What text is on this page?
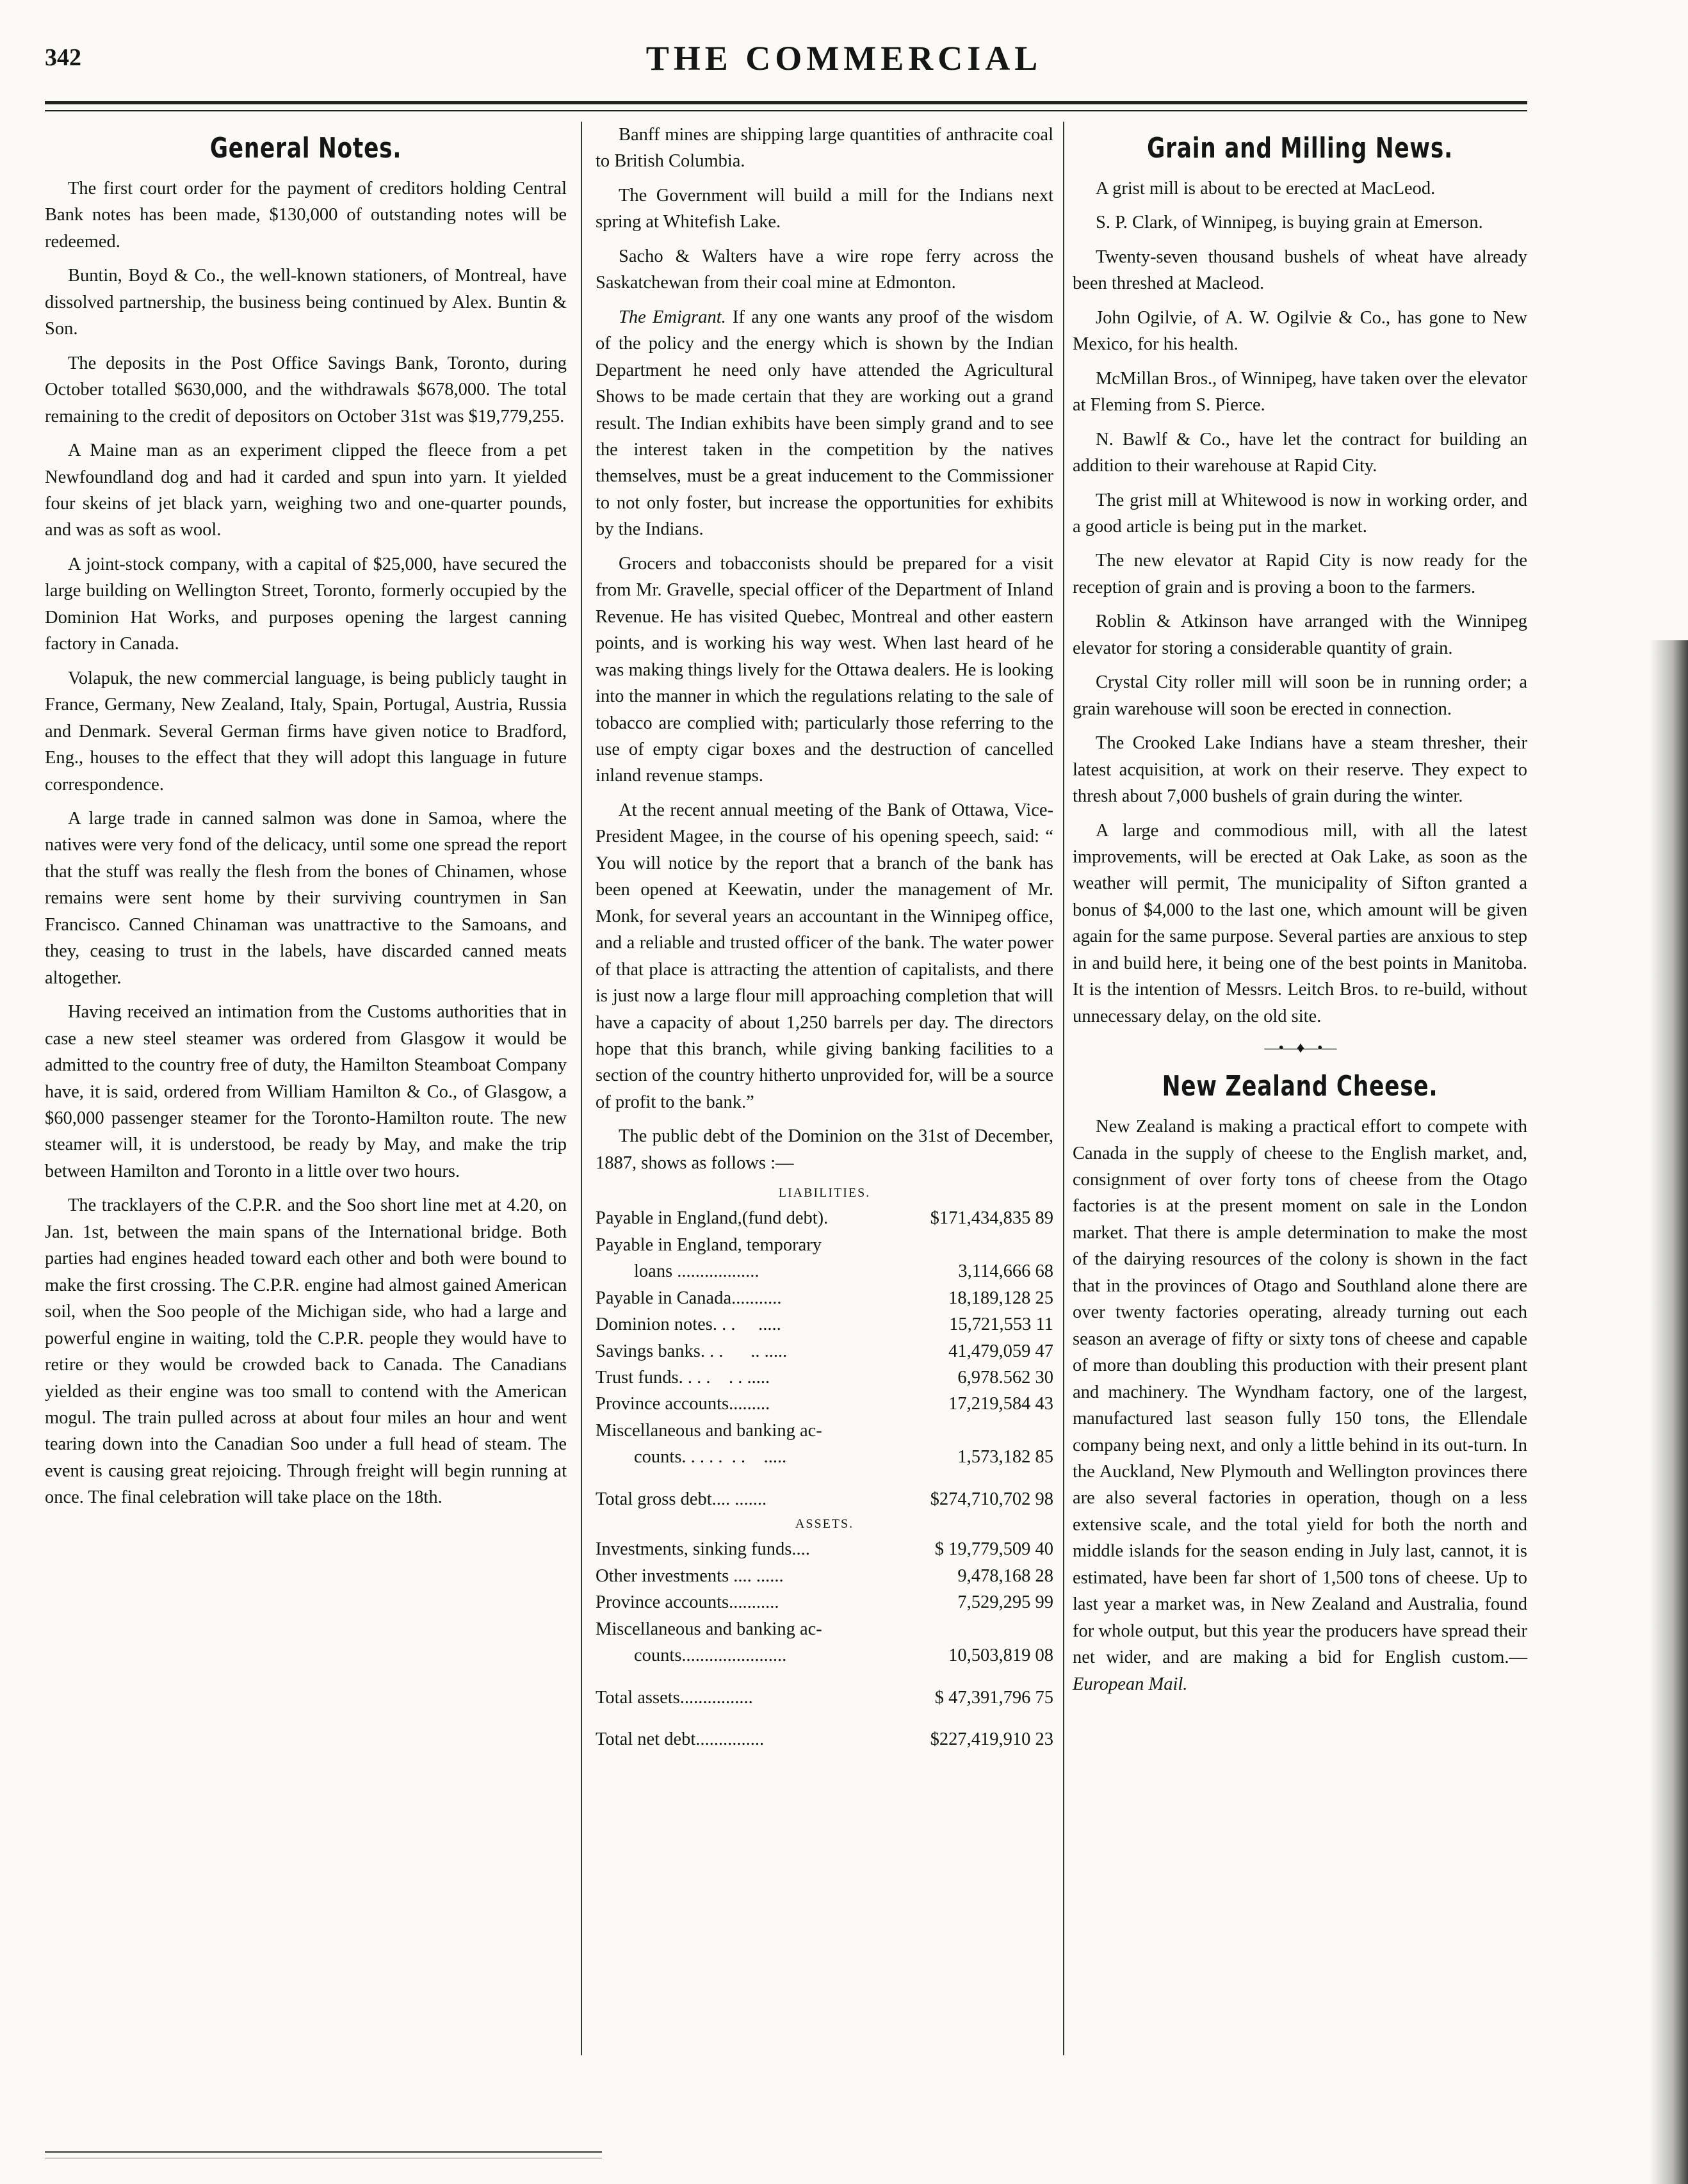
342	THE COMMERCIAL
General Notes.

The first court order for the payment of creditors holding Central Bank notes has been made, $130,000 of outstanding notes will be redeemed.

Buntin, Boyd & Co., the well-known stationers, of Montreal, have dissolved partnership, the business being continued by Alex. Buntin & Son.

The deposits in the Post Office Savings Bank, Toronto, during October totalled $630,000, and the withdrawals $678,000. The total remaining to the credit of depositors on October 31st was $19,779,255.

A Maine man as an experiment clipped the fleece from a pet Newfoundland dog and had it carded and spun into yarn. It yielded four skeins of jet black yarn, weighing two and one-quarter pounds, and was as soft as wool.

A joint-stock company, with a capital of $25,000, have secured the large building on Wellington Street, Toronto, formerly occupied by the Dominion Hat Works, and purposes opening the largest canning factory in Canada.

Volapuk, the new commercial language, is being publicly taught in France, Germany, New Zealand, Italy, Spain, Portugal, Austria, Russia and Denmark. Several German firms have given notice to Bradford, Eng., houses to the effect that they will adopt this language in future correspondence.

A large trade in canned salmon was done in Samoa, where the natives were very fond of the delicacy, until some one spread the report that the stuff was really the flesh from the bones of Chinamen, whose remains were sent home by their surviving countrymen in San Francisco. Canned Chinaman was unattractive to the Samoans, and they, ceasing to trust in the labels, have discarded canned meats altogether.

Having received an intimation from the Customs authorities that in case a new steel steamer was ordered from Glasgow it would be admitted to the country free of duty, the Hamilton Steamboat Company have, it is said, ordered from William Hamilton & Co., of Glasgow, a $60,000 passenger steamer for the Toronto-Hamilton route. The new steamer will, it is understood, be ready by May, and make the trip between Hamilton and Toronto in a little over two hours.

The tracklayers of the C.P.R. and the Soo short line met at 4.20, on Jan. 1st, between the main spans of the International bridge. Both parties had engines headed toward each other and both were bound to make the first crossing. The C.P.R. engine had almost gained American soil, when the Soo people of the Michigan side, who had a large and powerful engine in waiting, told the C.P.R. people they would have to retire or they would be crowded back to Canada. The Canadians yielded as their engine was too small to contend with the American mogul. The train pulled across at about four miles an hour and went tearing down into the Canadian Soo under a full head of steam. The event is causing great rejoicing. Through freight will begin running at once. The final celebration will take place on the 18th.

Banff mines are shipping large quantities of anthracite coal to British Columbia.

The Government will build a mill for the Indians next spring at Whitefish Lake.

Sacho & Walters have a wire rope ferry across the Saskatchewan from their coal mine at Edmonton.

The Emigrant. If any one wants any proof of the wisdom of the policy and the energy which is shown by the Indian Department he need only have attended the Agricultural Shows to be made certain that they are working out a grand result. The Indian exhibits have been simply grand and to see the interest taken in the competition by the natives themselves, must be a great inducement to the Commissioner to not only foster, but increase the opportunities for exhibits by the Indians.

Grocers and tobacconists should be prepared for a visit from Mr. Gravelle, special officer of the Department of Inland Revenue. He has visited Quebec, Montreal and other eastern points, and is working his way west. When last heard of he was making things lively for the Ottawa dealers. He is looking into the manner in which the regulations relating to the sale of tobacco are complied with; particularly those referring to the use of empty cigar boxes and the destruction of cancelled inland revenue stamps.

At the recent annual meeting of the Bank of Ottawa, Vice-President Magee, in the course of his opening speech, said: “ You will notice by the report that a branch of the bank has been opened at Keewatin, under the management of Mr. Monk, for several years an accountant in the Winnipeg office, and a reliable and trusted officer of the bank. The water power of that place is attracting the attention of capitalists, and there is just now a large flour mill approaching completion that will have a capacity of about 1,250 barrels per day. The directors hope that this branch, while giving banking facilities to a section of the country hitherto unprovided for, will be a source of profit to the bank.”

The public debt of the Dominion on the 31st of December, 1887, shows as follows :—

LIABILITIES.
Payable in England,(fund debt).	$171,434,835 89
Payable in England, temporary
loans ..................	3,114,666 68
Payable in Canada...........	18,189,128 25
Dominion notes. . .     .....	15,721,553 11
Savings banks. . .      .. .....	41,479,059 47
Trust funds. . . .    . . .....	6,978.562 30
Province accounts.........	17,219,584 43
Miscellaneous and banking ac-
counts. . . . .  . .    .....	1,573,182 85
Total gross debt.... .......	$274,710,702 98
ASSETS.
Investments, sinking funds....	$ 19,779,509 40
Other investments .... ......	9,478,168 28
Province accounts...........	7,529,295 99
Miscellaneous and banking ac-
counts.......................	10,503,819 08
Total assets................	$ 47,391,796 75
Total net debt...............	$227,419,910 23
Grain and Milling News.

A grist mill is about to be erected at MacLeod.

S. P. Clark, of Winnipeg, is buying grain at Emerson.

Twenty-seven thousand bushels of wheat have already been threshed at Macleod.

John Ogilvie, of A. W. Ogilvie & Co., has gone to New Mexico, for his health.

McMillan Bros., of Winnipeg, have taken over the elevator at Fleming from S. Pierce.

N. Bawlf & Co., have let the contract for building an addition to their warehouse at Rapid City.

The grist mill at Whitewood is now in working order, and a good article is being put in the market.

The new elevator at Rapid City is now ready for the reception of grain and is proving a boon to the farmers.

Roblin & Atkinson have arranged with the Winnipeg elevator for storing a considerable quantity of grain.

Crystal City roller mill will soon be in running order; a grain warehouse will soon be erected in connection.

The Crooked Lake Indians have a steam thresher, their latest acquisition, at work on their reserve. They expect to thresh about 7,000 bushels of grain during the winter.

A large and commodious mill, with all the latest improvements, will be erected at Oak Lake, as soon as the weather will permit, The municipality of Sifton granted a bonus of $4,000 to the last one, which amount will be given again for the same purpose. Several parties are anxious to step in and build here, it being one of the best points in Manitoba. It is the intention of Messrs. Leitch Bros. to re-build, without unnecessary delay, on the old site.

—•—♦—•—
New Zealand Cheese.

New Zealand is making a practical effort to compete with Canada in the supply of cheese to the English market, and, consignment of over forty tons of cheese from the Otago factories is at the present moment on sale in the London market. That there is ample determination to make the most of the dairying resources of the colony is shown in the fact that in the provinces of Otago and Southland alone there are over twenty factories operating, already turning out each season an average of fifty or sixty tons of cheese and capable of more than doubling this production with their present plant and machinery. The Wyndham factory, one of the largest, manufactured last season fully 150 tons, the Ellendale company being next, and only a little behind in its out-turn. In the Auckland, New Plymouth and Wellington provinces there are also several factories in operation, though on a less extensive scale, and the total yield for both the north and middle islands for the season ending in July last, cannot, it is estimated, have been far short of 1,500 tons of cheese. Up to last year a market was, in New Zealand and Australia, found for whole output, but this year the producers have spread their net wider, and are making a bid for English custom.—European Mail.
